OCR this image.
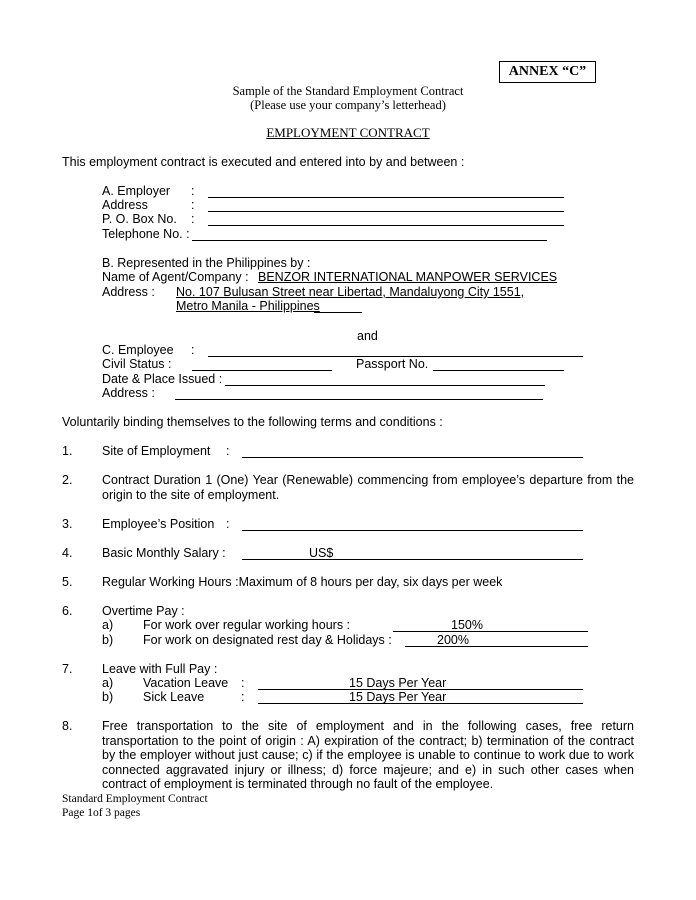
ANNEX “C”
Sample of the Standard Employment Contract
(Please use your company’s letterhead)
EMPLOYMENT CONTRACT
This employment contract is executed and entered into by and between :
A. Employer :
Address	:
P. O. Box No. :
Telephone No. :
B. Represented in the Philippines by :
Name of Agent/Company : BENZOR INTERNATIONAL MANPOWER SERVICES
Address : No. 107 Bulusan Street near Libertad, Mandaluyong City 1551,
Metro Manila - Philippines
and
C. Employee :
Civil Status :	Passport No.
Date & Place Issued :
Address :
Voluntarily binding themselves to the following terms and conditions :
1. Site of Employment :
2. Contract Duration 1 (One) Year (Renewable) commencing from employee’s departure from the origin to the site of employment.
3. Employee’s Position :
4. Basic Monthly Salary :	US$
5. Regular Working Hours :Maximum of 8 hours per day, six days per week
6. Overtime Pay :
a) For work over regular working hours :	150%
b) For work on designated rest day & Holidays :	200%
7. Leave with Full Pay :
a) Vacation Leave :	15 Days Per Year
b) Sick Leave	:	15 Days Per Year
8. Free transportation to the site of employment and in the following cases, free return transportation to the point of origin : A) expiration of the contract; b) termination of the contract by the employer without just cause; c) if the employee is unable to continue to work due to work connected aggravated injury or illness; d) force majeure; and e) in such other cases when contract of employment is terminated through no fault of the employee.
Standard Employment Contract
Page 1of 3 pages
